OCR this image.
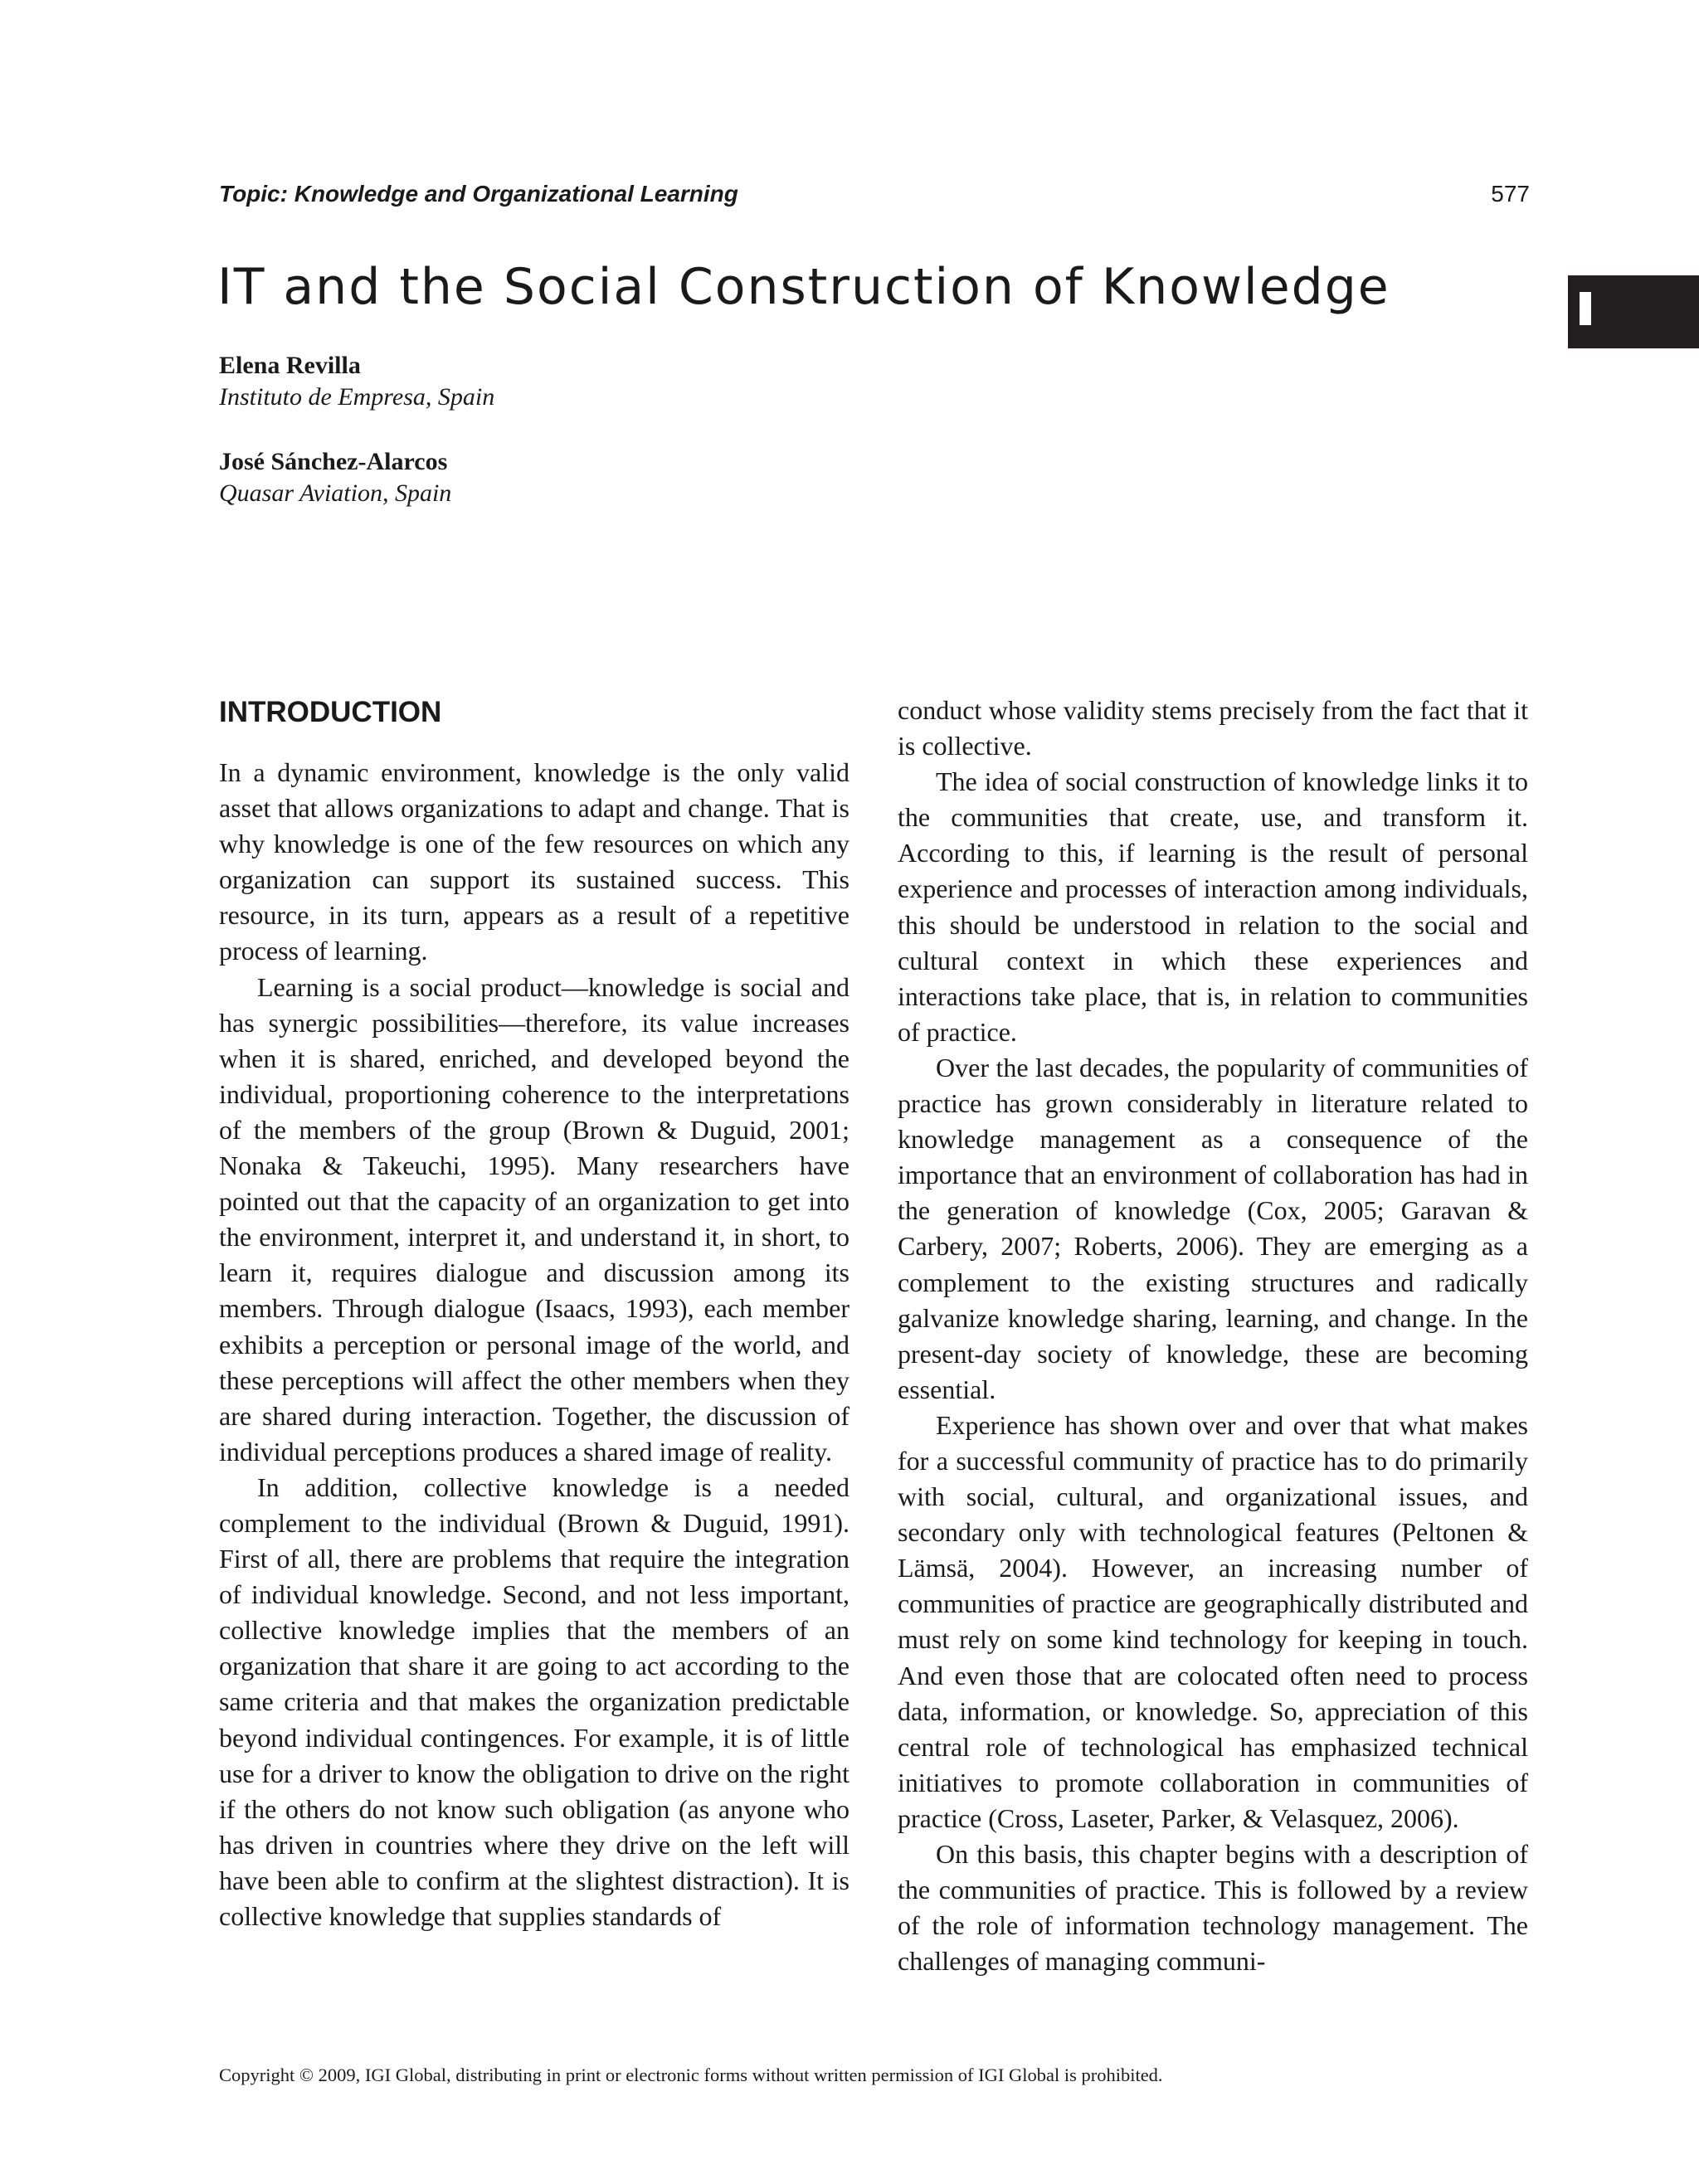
Topic: Knowledge and Organizational Learning	577

IT and the Social Construction of Knowledge

Elena Revilla

Instituto de Empresa, Spain

José Sánchez-Alarcos

Quasar Aviation, Spain

INTRODUCTION

In a dynamic environment, knowledge is the only valid asset that allows organizations to adapt and change. That is why knowledge is one of the few resources on which any organization can support its sustained success. This resource, in its turn, appears as a result of a repetitive process of learning.

Learning is a social product—knowledge is social and has synergic possibilities—therefore, its value increases when it is shared, enriched, and developed beyond the individual, proportioning coherence to the interpretations of the members of the group (Brown & Duguid, 2001; Nonaka & Takeuchi, 1995). Many researchers have pointed out that the capacity of an organization to get into the environment, interpret it, and understand it, in short, to learn it, requires dialogue and discussion among its members. Through dialogue (Isaacs, 1993), each member exhibits a perception or personal image of the world, and these perceptions will affect the other members when they are shared during interaction. Together, the discussion of individual perceptions produces a shared image of reality.

In addition, collective knowledge is a needed complement to the individual (Brown & Duguid, 1991). First of all, there are problems that require the integration of individual knowledge. Second, and not less important, collective knowledge implies that the members of an organization that share it are going to act according to the same criteria and that makes the organization predictable beyond individual contingences. For example, it is of little use for a driver to know the obligation to drive on the right if the others do not know such obligation (as anyone who has driven in countries where they drive on the left will have been able to confirm at the slightest distraction). It is collective knowledge that supplies standards of

conduct whose validity stems precisely from the fact that it is collective.

The idea of social construction of knowledge links it to the communities that create, use, and transform it. According to this, if learning is the result of personal experience and processes of interaction among individuals, this should be understood in relation to the social and cultural context in which these experiences and interactions take place, that is, in relation to communities of practice.

Over the last decades, the popularity of communities of practice has grown considerably in literature related to knowledge management as a consequence of the importance that an environment of collaboration has had in the generation of knowledge (Cox, 2005; Garavan & Carbery, 2007; Roberts, 2006). They are emerging as a complement to the existing structures and radically galvanize knowledge sharing, learning, and change. In the present-day society of knowledge, these are becoming essential.

Experience has shown over and over that what makes for a successful community of practice has to do primarily with social, cultural, and organizational issues, and secondary only with technological features (Peltonen & Lämsä, 2004). However, an increasing number of communities of practice are geographically distributed and must rely on some kind technology for keeping in touch. And even those that are colocated often need to process data, information, or knowledge. So, appreciation of this central role of technological has emphasized technical initiatives to promote collaboration in communities of practice (Cross, Laseter, Parker, & Velasquez, 2006).

On this basis, this chapter begins with a description of the communities of practice. This is followed by a review of the role of information technology management. The challenges of managing communi-

Copyright © 2009, IGI Global, distributing in print or electronic forms without written permission of IGI Global is prohibited.
